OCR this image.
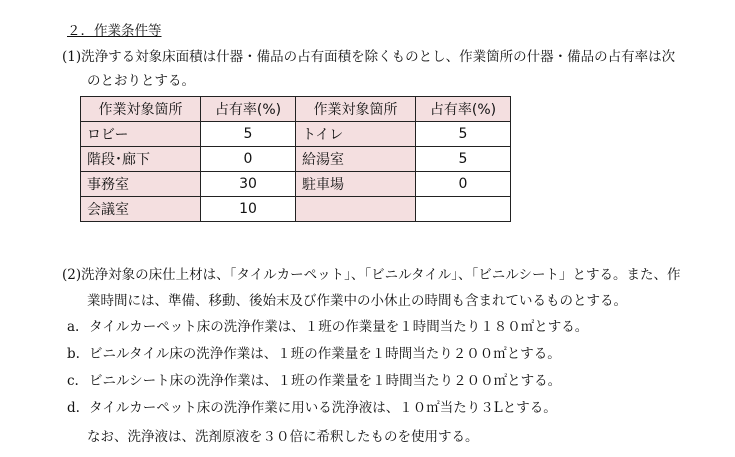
２．作業条件等
(1)洗浄する対象床面積は什器・備品の占有面積を除くものとし、作業箇所の什器・備品の占有率は次
のとおりとする。
作業対象箇所	占有率(%)	作業対象箇所	占有率(%)
ロビー	5	トイレ	5
階段･廊下	0	給湯室	5
事務室	30	駐車場	0
会議室	10		
(2)洗浄対象の床仕上材は、「タイルカーペット」、「ビニルタイル」、「ビニルシート」とする。また、作
業時間には、準備、移動、後始末及び作業中の小休止の時間も含まれているものとする。
a. タイルカーペット床の洗浄作業は、１班の作業量を１時間当たり１８０㎡とする。
b. ビニルタイル床の洗浄作業は、１班の作業量を１時間当たり２００㎡とする。
c. ビニルシート床の洗浄作業は、１班の作業量を１時間当たり２００㎡とする。
d. タイルカーペット床の洗浄作業に用いる洗浄液は、１０㎡当たり３Lとする。
なお、洗浄液は、洗剤原液を３０倍に希釈したものを使用する。
